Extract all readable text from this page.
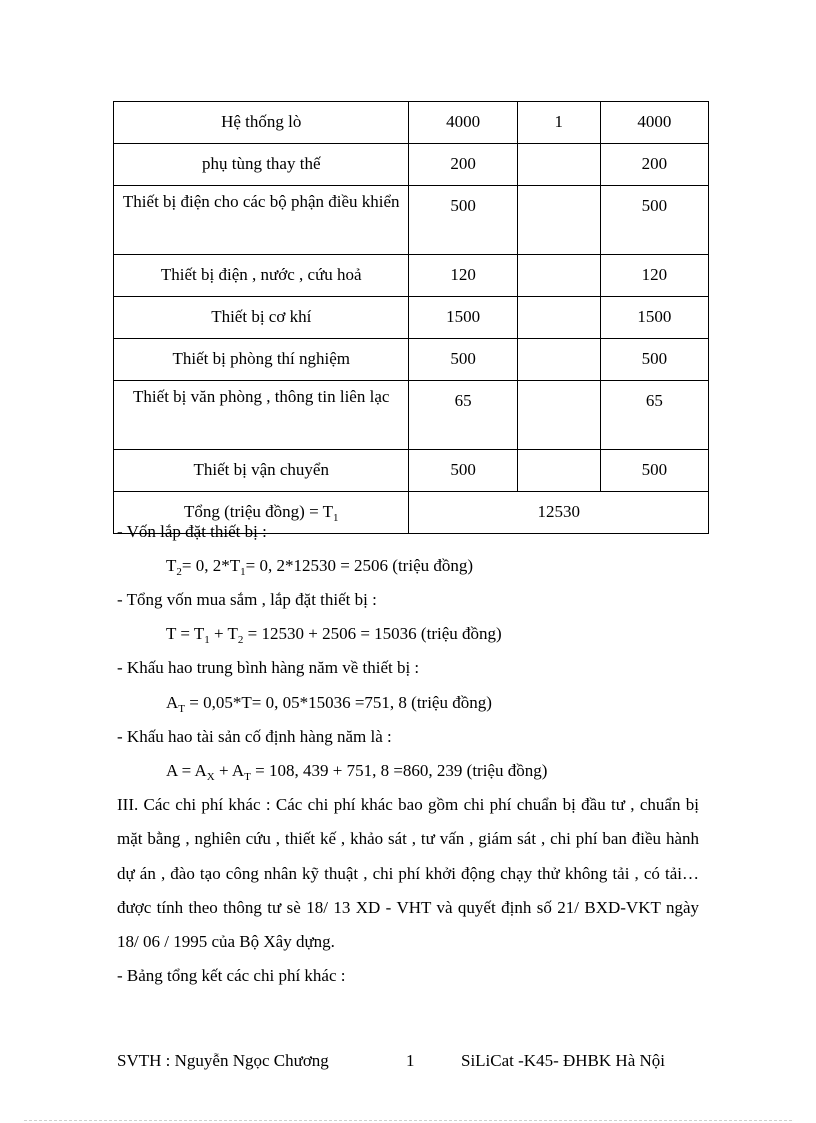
Hệ thống lò	4000	1	4000
phụ tùng thay thế	200		200

Thiết bị điện cho các bộ phận điều khiển	500		500
Thiết bị điện , nước , cứu hoả	120		120
Thiết bị cơ khí	1500		1500
Thiết bị phòng thí nghiệm	500		500

Thiết bị văn phòng , thông tin liên lạc	65		65
Thiết bị vận chuyển	500		500
Tổng (triệu đồng) = $T_1$	12530		
- Vốn lắp đặt thiết bị :
$T_2= 0$, $2*T_1= 0$, 2*12530 = 2506 (triệu đồng)
- Tổng vốn mua sắm , lắp đặt thiết bị :
$T = T_1 + T_2 = 12530 + 2506 = 15036$ (triệu đồng)
- Khấu hao trung bình hàng năm về thiết bị :
$A_T = 0,05*T= 0$, 05*15036 =751, 8 (triệu đồng)
- Khấu hao tài sản cố định hàng năm là :
$A = A_X + A_T = 108$, 439 + 751, 8 =860, 239 (triệu đồng)
III. Các chi phí khác : Các chi phí khác bao gồm chi phí chuẩn bị đầu tư , chuẩn bị mặt bằng , nghiên cứu , thiết kế , khảo sát , tư vấn , giám sát , chi phí ban điều hành dự án , đào tạo công nhân kỹ thuật , chi phí khởi động chạy thử không tải , có tải…được tính theo thông tư sè 18/ 13 XD - VHT và quyết định số 21/ BXD-VKT ngày 18/ 06 / 1995 của Bộ Xây dựng.
- Bảng tổng kết các chi phí khác :
SVTH : Nguyễn Ngọc Chương	1	SiLiCat -K45- ĐHBK Hà Nội
